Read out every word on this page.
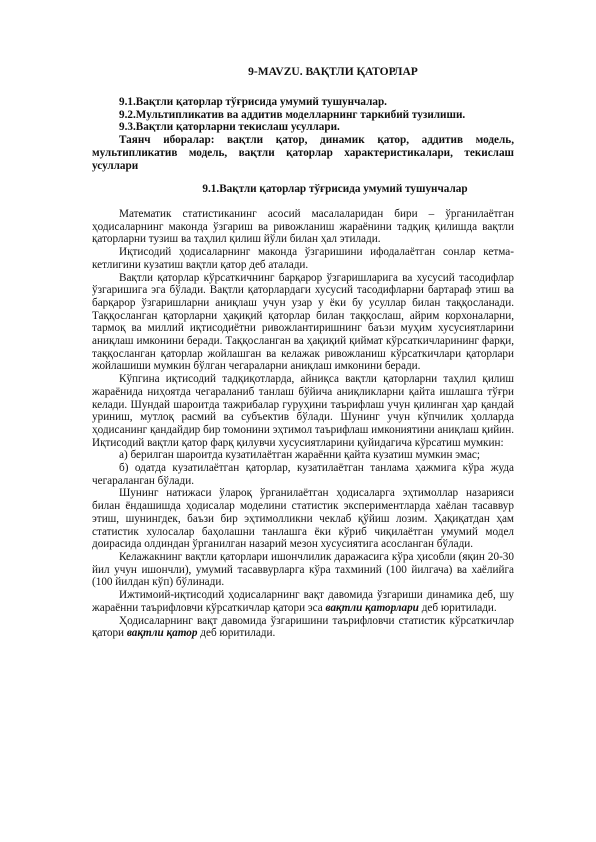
9-MAVZU. ВАҚТЛИ ҚАТОРЛАР

9.1.Вақтли қаторлар тўғрисида умумий тушунчалар.

9.2.Мультипликатив ва аддитив моделларнинг таркибий тузилиши.

9.3.Вақтли қаторларни текислаш усуллари.

Таянч иборалар: вақтли қатор, динамик қатор, аддитив модель, мультипликатив модель, вақтли қаторлар характеристикалари, текислаш усуллари

9.1.Вақтли қаторлар тўғрисида умумий тушунчалар

Математик статистиканинг асосий масалаларидан бири – ўрганилаётган ҳодисаларнинг маконда ўзгариш ва ривожланиш жараёнини тадқиқ қилишда вақтли қаторларни тузиш ва таҳлил қилиш йўли билан ҳал этилади.

Иқтисодий ҳодисаларнинг маконда ўзгаришини ифодалаётган сонлар кетма-кетлигини кузатиш вақтли қатор деб аталади.

Вақтли қаторлар кўрсаткичнинг барқарор ўзгаришларига ва хусусий тасодифлар ўзгаришига эга бўлади. Вақтли қаторлардаги хусусий тасодифларни бартараф этиш ва барқарор ўзгаришларни аниқлаш учун узар у ёки бу усуллар билан таққосланади. Таққосланган қаторларни ҳақиқий қаторлар билан таққослаш, айрим корхоналарни, тармоқ ва миллий иқтисодиётни ривожлантиришнинг баъзи муҳим хусусиятларини аниқлаш имконини беради. Таққосланган ва ҳақиқий қиймат кўрсаткичларининг фарқи, таққосланган қаторлар жойлашган ва келажак ривожланиш кўрсаткичлари қаторлари жойлашиши мумкин бўлган чегараларни аниқлаш имконини беради.

Кўпгина иқтисодий тадқиқотларда, айниқса вақтли қаторларни таҳлил қилиш жараёнида ниҳоятда чегараланиб танлаш бўйича аниқликларни қайта ишлашга тўғри келади. Шундай шароитда тажрибалар гуруҳини таърифлаш учун қилинган ҳар қандай уриниш, мутлоқ расмий ва субъектив бўлади. Шунинг учун кўпчилик ҳолларда ҳодисанинг қандайдир бир томонини эҳтимол таърифлаш имкониятини аниқлаш қийин. Иқтисодий вақтли қатор фарқ қилувчи хусусиятларини қуйидагича кўрсатиш мумкин:

а) берилган шароитда кузатилаётган жараённи қайта кузатиш мумкин эмас;

б) одатда кузатилаётган қаторлар, кузатилаётган танлама ҳажмига кўра жуда чегараланган бўлади.

Шунинг натижаси ўлароқ ўрганилаётган ҳодисаларга эҳтимоллар назарияси билан ёндашишда ҳодисалар моделини статистик экспериментларда хаёлан тасаввур этиш, шунингдек, баъзи бир эҳтимолликни чеклаб қўйиш лозим. Ҳақиқатдан ҳам статистик хулосалар баҳолашни танлашга ёки кўриб чиқилаётган умумий модел доирасида олдиндан ўрганилган назарий мезон хусусиятига асосланган бўлади.

Келажакнинг вақтли қаторлари ишончлилик даражасига кўра ҳисобли (яқин 20-30 йил учун ишончли), умумий тасаввурларга кўра тахминий (100 йилгача) ва хаёлийга (100 йилдан кўп) бўлинади.

Ижтимоий-иқтисодий ҳодисаларнинг вақт давомида ўзгариши динамика деб, шу жараённи таърифловчи кўрсаткичлар қатори эса вақтли қаторлари деб юритилади.

Ҳодисаларнинг вақт давомида ўзгаришини таърифловчи статистик кўрсаткичлар қатори вақтли қатор деб юритилади.
